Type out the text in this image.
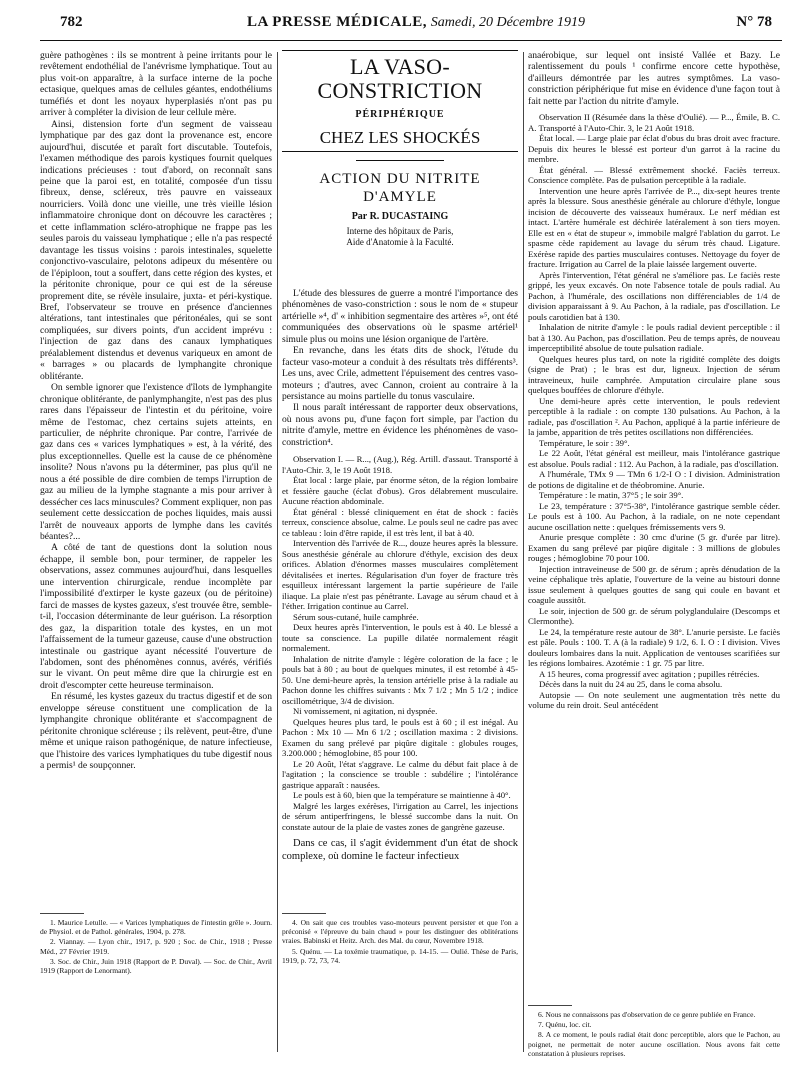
782	LA PRESSE MÉDICALE, Samedi, 20 Décembre 1919	N° 78

guère pathogènes : ils se montrent à peine irritants pour le revêtement endothélial de l'anévrisme lymphatique. Tout au plus voit-on apparaître, à la surface interne de la poche ectasique, quelques amas de cellules géantes, endothéliums tuméfiés et dont les noyaux hyperplasiés n'ont pas pu arriver à compléter la division de leur cellule mère.

Ainsi, distension forte d'un segment de vaisseau lymphatique par des gaz dont la provenance est, encore aujourd'hui, discutée et paraît fort discutable. Toutefois, l'examen méthodique des parois kystiques fournit quelques indications précieuses : tout d'abord, on reconnaît sans peine que la paroi est, en totalité, composée d'un tissu fibreux, dense, scléreux, très pauvre en vaisseaux nourriciers. Voilà donc une vieille, une très vieille lésion inflammatoire chronique dont on découvre les caractères ; et cette inflammation scléro-atrophique ne frappe pas les seules parois du vaisseau lymphatique ; elle n'a pas respecté davantage les tissus voisins : parois intestinales, squelette conjonctivo-vasculaire, pelotons adipeux du mésentère ou de l'épiploon, tout a souffert, dans cette région des kystes, et la péritonite chronique, pour ce qui est de la séreuse proprement dite, se révèle insulaire, juxta- et péri-kystique. Bref, l'observateur se trouve en présence d'anciennes altérations, tant intestinales que péritonéales, qui se sont compliquées, sur divers points, d'un accident imprévu : l'injection de gaz dans des canaux lymphatiques préalablement distendus et devenus variqueux en amont de « barrages » ou placards de lymphangite chronique oblitérante.

On semble ignorer que l'existence d'îlots de lymphangite chronique oblitérante, de panlymphangite, n'est pas des plus rares dans l'épaisseur de l'intestin et du péritoine, voire même de l'estomac, chez certains sujets atteints, en particulier, de néphrite chronique. Par contre, l'arrivée de gaz dans ces « varices lymphatiques » est, à la vérité, des plus exceptionnelles. Quelle est la cause de ce phénomène insolite? Nous n'avons pu la déterminer, pas plus qu'il ne nous a été possible de dire combien de temps l'irruption de gaz au milieu de la lymphe stagnante a mis pour arriver à dessécher ces lacs minuscules? Comment expliquer, non pas seulement cette dessiccation de poches liquides, mais aussi l'arrêt de nouveaux apports de lymphe dans les cavités béantes?...

A côté de tant de questions dont la solution nous échappe, il semble bon, pour terminer, de rappeler les observations, assez communes aujourd'hui, dans lesquelles une intervention chirurgicale, rendue incomplète par l'impossibilité d'extirper le kyste gazeux (ou de péritoine) farci de masses de kystes gazeux, s'est trouvée être, semble-t-il, l'occasion déterminante de leur guérison. La résorption des gaz, la disparition totale des kystes, en un mot l'affaissement de la tumeur gazeuse, cause d'une obstruction intestinale ou gastrique ayant nécessité l'ouverture de l'abdomen, sont des phénomènes connus, avérés, vérifiés sur le vivant. On peut même dire que la chirurgie est en droit d'escompter cette heureuse terminaison.

En résumé, les kystes gazeux du tractus digestif et de son enveloppe séreuse constituent une complication de la lymphangite chronique oblitérante et s'accompagnent de péritonite chronique scléreuse ; ils relèvent, peut-être, d'une même et unique raison pathogénique, de nature infectieuse, que l'histoire des varices lymphatiques du tube digestif nous a permis¹ de soupçonner.

LA VASO-CONSTRICTION
PÉRIPHÉRIQUE
CHEZ LES SHOCKÉS
ACTION DU NITRITE D'AMYLE
Par R. DUCASTAING
Interne des hôpitaux de Paris,
Aide d'Anatomie à la Faculté.

L'étude des blessures de guerre a montré l'importance des phénomènes de vaso-constriction : sous le nom de « stupeur artérielle »⁴, d' « inhibition segmentaire des artères »⁵, ont été communiquées des observations où le spasme artériel¹ simule plus ou moins une lésion organique de l'artère.

En revanche, dans les états dits de shock, l'étude du facteur vaso-moteur a conduit à des résultats très différents³. Les uns, avec Crile, admettent l'épuisement des centres vaso-moteurs ; d'autres, avec Cannon, croient au contraire à la persistance au moins partielle du tonus vasculaire.

Il nous paraît intéressant de rapporter deux observations, où nous avons pu, d'une façon fort simple, par l'action du nitrite d'amyle, mettre en évidence les phénomènes de vaso-constriction⁴.

Observation I. — R..., (Aug.), Rég. Artill. d'assaut. Transporté à l'Auto-Chir. 3, le 19 Août 1918.

État local : large plaie, par énorme séton, de la région lombaire et fessière gauche (éclat d'obus). Gros délabrement musculaire. Aucune réaction abdominale.

État général : blessé cliniquement en état de shock : faciès terreux, conscience absolue, calme. Le pouls seul ne cadre pas avec ce tableau : loin d'être rapide, il est très lent, il bat à 40.

Intervention dès l'arrivée de R..., douze heures après la blessure. Sous anesthésie générale au chlorure d'éthyle, excision des deux orifices. Ablation d'énormes masses musculaires complètement dévitalisées et inertes. Régularisation d'un foyer de fracture très esquilleux intéressant largement la partie supérieure de l'aile iliaque. La plaie n'est pas pénétrante. Lavage au sérum chaud et à l'éther. Irrigation continue au Carrel.

Sérum sous-cutané, huile camphrée.

Deux heures après l'intervention, le pouls est à 40. Le blessé a toute sa conscience. La pupille dilatée normalement réagit normalement.

Inhalation de nitrite d'amyle : légère coloration de la face ; le pouls bat à 80 ; au bout de quelques minutes, il est retombé à 45-50. Une demi-heure après, la tension artérielle prise à la radiale au Pachon donne les chiffres suivants : Mx 7 1/2 ; Mn 5 1/2 ; indice oscillométrique, 3/4 de division.

Ni vomissement, ni agitation, ni dyspnée.

Quelques heures plus tard, le pouls est à 60 ; il est inégal. Au Pachon : Mx 10 — Mn 6 1/2 ; oscillation maxima : 2 divisions. Examen du sang prélevé par piqûre digitale : globules rouges, 3.200.000 ; hémoglobine, 85 pour 100.

Le 20 Août, l'état s'aggrave. Le calme du début fait place à de l'agitation ; la conscience se trouble : subdélire ; l'intolérance gastrique apparaît : nausées.

Le pouls est à 60, bien que la température se maintienne à 40°.

Malgré les larges exérèses, l'irrigation au Carrel, les injections de sérum antiperfringens, le blessé succombe dans la nuit. On constate autour de la plaie de vastes zones de gangrène gazeuse.

Dans ce cas, il s'agit évidemment d'un état de shock complexe, où domine le facteur infectieux

anaérobique, sur lequel ont insisté Vallée et Bazy. Le ralentissement du pouls ¹ confirme encore cette hypothèse, d'ailleurs démontrée par les autres symptômes. La vaso-constriction périphérique fut mise en évidence d'une façon tout à fait nette par l'action du nitrite d'amyle.

Observation II (Résumée dans la thèse d'Oulié). — P..., Émile, B. C. A. Transporté à l'Auto-Chir. 3, le 21 Août 1918.

État local. — Large plaie par éclat d'obus du bras droit avec fracture. Depuis dix heures le blessé est porteur d'un garrot à la racine du membre.

État général. — Blessé extrêmement shocké. Faciès terreux. Conscience complète. Pas de pulsation perceptible à la radiale.

Intervention une heure après l'arrivée de P..., dix-sept heures trente après la blessure. Sous anesthésie générale au chlorure d'éthyle, longue incision de découverte des vaisseaux huméraux. Le nerf médian est intact. L'artère humérale est déchirée latéralement à son tiers moyen. Elle est en « état de stupeur », immobile malgré l'ablation du garrot. Le spasme cède rapidement au lavage du sérum très chaud. Ligature. Exérèse rapide des parties musculaires contuses. Nettoyage du foyer de fracture. Irrigation au Carrel de la plaie laissée largement ouverte.

Après l'intervention, l'état général ne s'améliore pas. Le faciès reste grippé, les yeux excavés. On note l'absence totale de pouls radial. Au Pachon, à l'humérale, des oscillations non différenciables de 1/4 de division apparaissant à 9. Au Pachon, à la radiale, pas d'oscillation. Le pouls carotidien bat à 130.

Inhalation de nitrite d'amyle : le pouls radial devient perceptible : il bat à 130. Au Pachon, pas d'oscillation. Peu de temps après, de nouveau imperceptibilité absolue de toute pulsation radiale.

Quelques heures plus tard, on note la rigidité complète des doigts (signe de Prat) ; le bras est dur, ligneux. Injection de sérum intraveineux, huile camphrée. Amputation circulaire plane sous quelques bouffées de chlorure d'éthyle.

Une demi-heure après cette intervention, le pouls redevient perceptible à la radiale : on compte 130 pulsations. Au Pachon, à la radiale, pas d'oscillation ². Au Pachon, appliqué à la partie inférieure de la jambe, apparition de très petites oscillations non différenciées.

Température, le soir : 39°.

Le 22 Août, l'état général est meilleur, mais l'intolérance gastrique est absolue. Pouls radial : 112. Au Pachon, à la radiale, pas d'oscillation.

A l'humérale, TMx 9 — TMn 6 1/2-I O : I division. Administration de potions de digitaline et de théobromine. Anurie.

Température : le matin, 37°5 ; le soir 39°.

Le 23, température : 37°5-38°, l'intolérance gastrique semble céder. Le pouls est à 100. Au Pachon, à la radiale, on ne note cependant aucune oscillation nette : quelques frémissements vers 9.

Anurie presque complète : 30 cmc d'urine (5 gr. d'urée par litre). Examen du sang prélevé par piqûre digitale : 3 millions de globules rouges ; hémoglobine 70 pour 100.

Injection intraveineuse de 500 gr. de sérum ; après dénudation de la veine céphalique très aplatie, l'ouverture de la veine au bistouri donne issue seulement à quelques gouttes de sang qui coule en bavant et coagule aussitôt.

Le soir, injection de 500 gr. de sérum polyglandulaire (Descomps et Clermonthe).

Le 24, la température reste autour de 38°. L'anurie persiste. Le faciès est pâle. Pouls : 100. T. A (à la radiale) 9 1/2, 6. I. O : I division. Vives douleurs lombaires dans la nuit. Application de ventouses scarifiées sur les régions lombaires. Azotémie : 1 gr. 75 par litre.

A 15 heures, coma progressif avec agitation ; pupilles rétrécies.

Décès dans la nuit du 24 au 25, dans le coma absolu.

Autopsie — On note seulement une augmentation très nette du volume du rein droit. Seul antécédent

1. Maurice Letulle. — « Varices lymphatiques de l'intestin grêle ». Journ. de Physiol. et de Pathol. générales, 1904, p. 278.

2. Viannay. — Lyon chir., 1917, p. 920 ; Soc. de Chir., 1918 ; Presse Méd., 27 Février 1919.

3. Soc. de Chir., Juin 1918 (Rapport de P. Duval). — Soc. de Chir., Avril 1919 (Rapport de Lenormant).

4. On sait que ces troubles vaso-moteurs peuvent persister et que l'on a préconisé « l'épreuve du bain chaud » pour les distinguer des oblitérations vraies. Babinski et Heitz. Arch. des Mal. du cœur, Novembre 1918.

5. Quénu. — La toxémie traumatique, p. 14-15. — Oulié. Thèse de Paris, 1919, p. 72, 73, 74.

6. Nous ne connaissons pas d'observation de ce genre publiée en France.

7. Quénu, loc. cit.

8. A ce moment, le pouls radial était donc perceptible, alors que le Pachon, au poignet, ne permettait de noter aucune oscillation. Nous avons fait cette constatation à plusieurs reprises.
